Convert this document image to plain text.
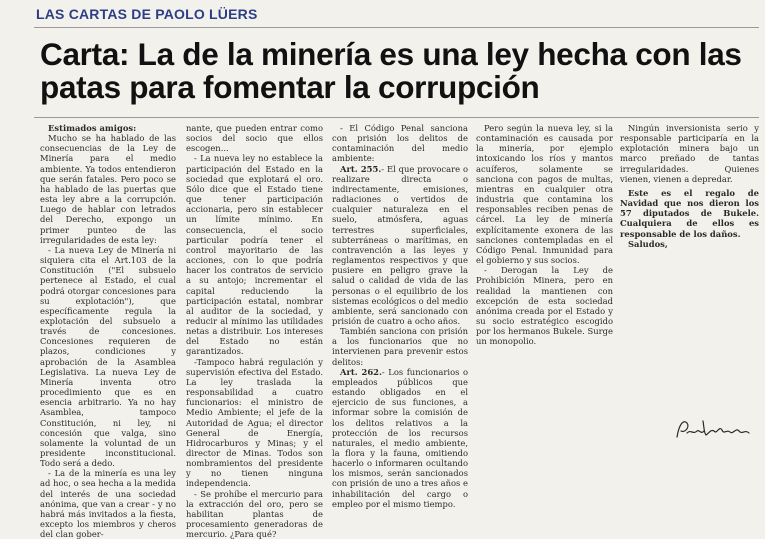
LAS CARTAS DE PAOLO LÜERS
Carta: La de la minería es una ley hecha con las
patas para fomentar la corrupción

Estimados amigos:

Mucho se ha hablado de las consecuencias de la Ley de Minería para el medio ambiente. Ya todos entendieron que serán fatales. Pero poco se ha hablado de las puertas que esta ley abre a la corrupción. Luego de hablar con letrados del Derecho, expongo un primer punteo de las irregularidades de esta ley:

- La nueva Ley de Minería ni siquiera cita el Art.103 de la Constitución ("El subsuelo pertenece al Estado, el cual podrá otorgar concesiones para su explotación"), que específicamente regula la explotación del subsuelo a través de concesiones. Concesiones requieren de plazos, condiciones y aprobación de la Asamblea Legislativa. La nueva Ley de Minería inventa otro procedimiento que es en esencia arbitrario. Ya no hay Asamblea, tampoco Constitución, ni ley, ni concesión que valga, sino solamente la voluntad de un presidente inconstitucional. Todo será a dedo.

- La de la minería es una ley ad hoc, o sea hecha a la medida del interés de una sociedad anónima, que van a crear - y no habrá más invitados a la fiesta, excepto los miembros y cheros del clan gober-

nante, que pueden entrar como socios del socio que ellos escogen...

- La nueva ley no establece la participación del Estado en la sociedad que explotará el oro. Sólo dice que el Estado tiene que tener participación accionaria, pero sin establecer un límite mínimo. En consecuencia, el socio particular podría tener el control mayoritario de las acciones, con lo que podría hacer los contratos de servicio a su antojo; incrementar el capital reduciendo la participación estatal, nombrar al auditor de la sociedad, y reducir al mínimo las utilidades netas a distribuir. Los intereses del Estado no están garantizados.

-Tampoco habrá regulación y supervisión efectiva del Estado. La ley traslada la responsabilidad a cuatro funcionarios: el ministro de Medio Ambiente; el jefe de la Autoridad de Agua; el director General de Energía, Hidrocarburos y Minas; y el director de Minas. Todos son nombramientos del presidente y no tienen ninguna independencia.

- Se prohíbe el mercurio para la extracción del oro, pero se habilitan plantas de procesamiento generadoras de mercurio. ¿Para qué?

- El Código Penal sanciona con prisión los delitos de contaminación del medio ambiente:

Art. 255.- El que provocare o realizare directa o indirectamente, emisiones, radiaciones o vertidos de cualquier naturaleza en el suelo, atmósfera, aguas terrestres superficiales, subterráneas o marítimas, en contravención a las leyes y reglamentos respectivos y que pusiere en peligro grave la salud o calidad de vida de las personas o el equilibrio de los sistemas ecológicos o del medio ambiente, será sancionado con prisión de cuatro a ocho años.

También sanciona con prisión a los funcionarios que no intervienen para prevenir estos delitos:

Art. 262.- Los funcionarios o empleados públicos que estando obligados en el ejercicio de sus funciones, a informar sobre la comisión de los delitos relativos a la protección de los recursos naturales, el medio ambiente, la flora y la fauna, omitiendo hacerlo o informaren ocultando los mismos, serán sancionados con prisión de uno a tres años e inhabilitación del cargo o empleo por el mismo tiempo.

Pero según la nueva ley, si la contaminación es causada por la minería, por ejemplo intoxicando los ríos y mantos acuíferos, solamente se sanciona con pagos de multas, mientras en cualquier otra industria que contamina los responsables reciben penas de cárcel. La ley de minería explícitamente exonera de las sanciones contempladas en el Código Penal. Inmunidad para el gobierno y sus socios.

- Derogan la Ley de Prohibición Minera, pero en realidad la mantienen con excepción de esta sociedad anónima creada por el Estado y su socio estratégico escogido por los hermanos Bukele. Surge un monopolio.

Ningún inversionista serio y responsable participaría en la explotación minera bajo un marco preñado de tantas irregularidades. Quienes vienen, vienen a depredar.

Este es el regalo de Navidad que nos dieron los 57 diputados de Bukele. Cualquiera de ellos es responsable de los daños.

Saludos,
